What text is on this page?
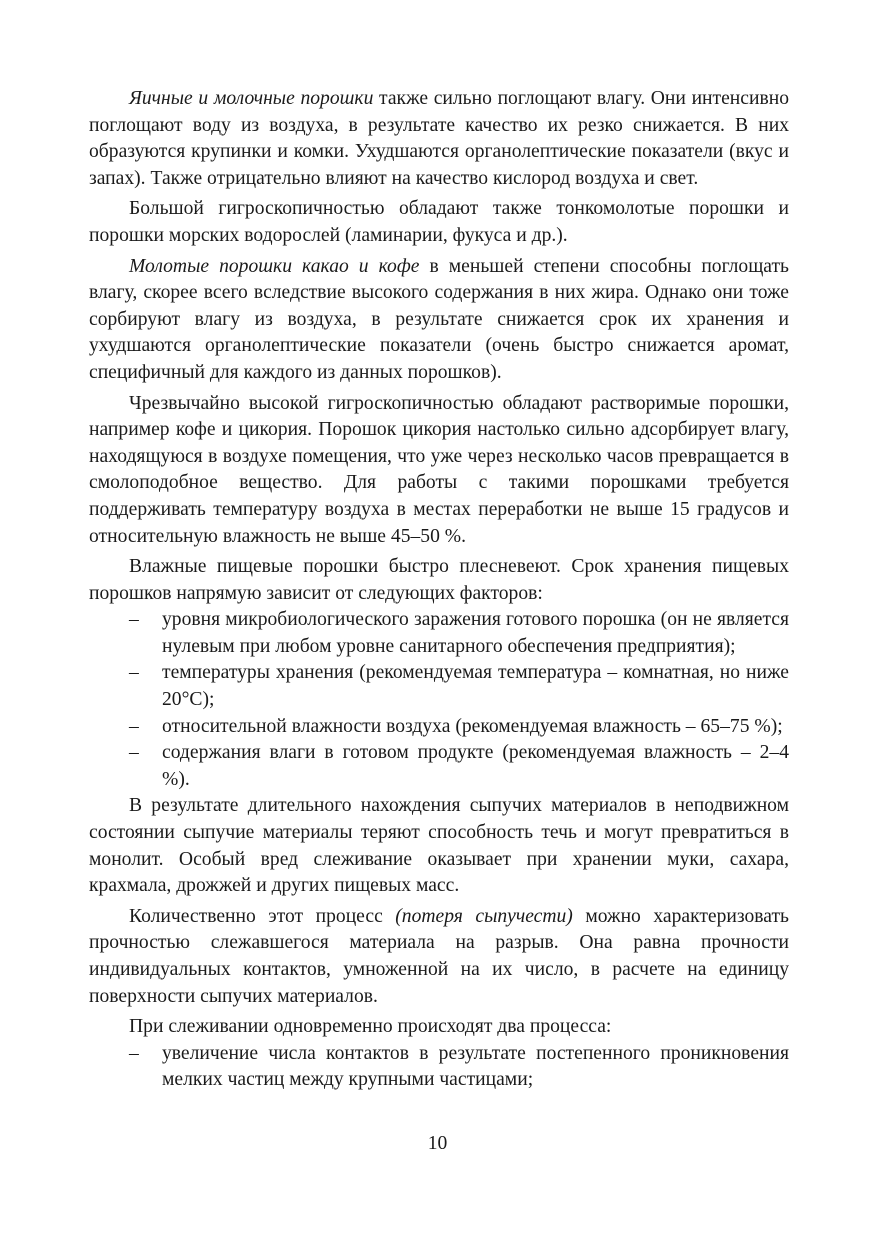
Яичные и молочные порошки также сильно поглощают влагу. Они интенсивно поглощают воду из воздуха, в результате качество их резко снижается. В них образуются крупинки и комки. Ухудшаются органолептические показатели (вкус и запах). Также отрицательно влияют на качество кислород воздуха и свет.

Большой гигроскопичностью обладают также тонкомолотые порошки и порошки морских водорослей (ламинарии, фукуса и др.).

Молотые порошки какао и кофе в меньшей степени способны поглощать влагу, скорее всего вследствие высокого содержания в них жира. Однако они тоже сорбируют влагу из воздуха, в результате снижается срок их хранения и ухудшаются органолептические показатели (очень быстро снижается аромат, специфичный для каждого из данных порошков).

Чрезвычайно высокой гигроскопичностью обладают растворимые порошки, например кофе и цикория. Порошок цикория настолько сильно адсорбирует влагу, находящуюся в воздухе помещения, что уже через несколько часов превращается в смолоподобное вещество. Для работы с такими порошками требуется поддерживать температуру воздуха в местах переработки не выше 15 градусов и относительную влажность не выше 45–50 %.

Влажные пищевые порошки быстро плесневеют. Срок хранения пищевых порошков напрямую зависит от следующих факторов:

– уровня микробиологического заражения готового порошка (он не является нулевым при любом уровне санитарного обеспечения предприятия);
– температуры хранения (рекомендуемая температура – комнатная, но ниже 20°С);
– относительной влажности воздуха (рекомендуемая влажность – 65–75 %);
– содержания влаги в готовом продукте (рекомендуемая влажность – 2–4 %).

В результате длительного нахождения сыпучих материалов в неподвижном состоянии сыпучие материалы теряют способность течь и могут превратиться в монолит. Особый вред слеживание оказывает при хранении муки, сахара, крахмала, дрожжей и других пищевых масс.

Количественно этот процесс (потеря сыпучести) можно характеризовать прочностью слежавшегося материала на разрыв. Она равна прочности индивидуальных контактов, умноженной на их число, в расчете на единицу поверхности сыпучих материалов.

При слеживании одновременно происходят два процесса:

– увеличение числа контактов в результате постепенного проникновения мелких частиц между крупными частицами;
10
